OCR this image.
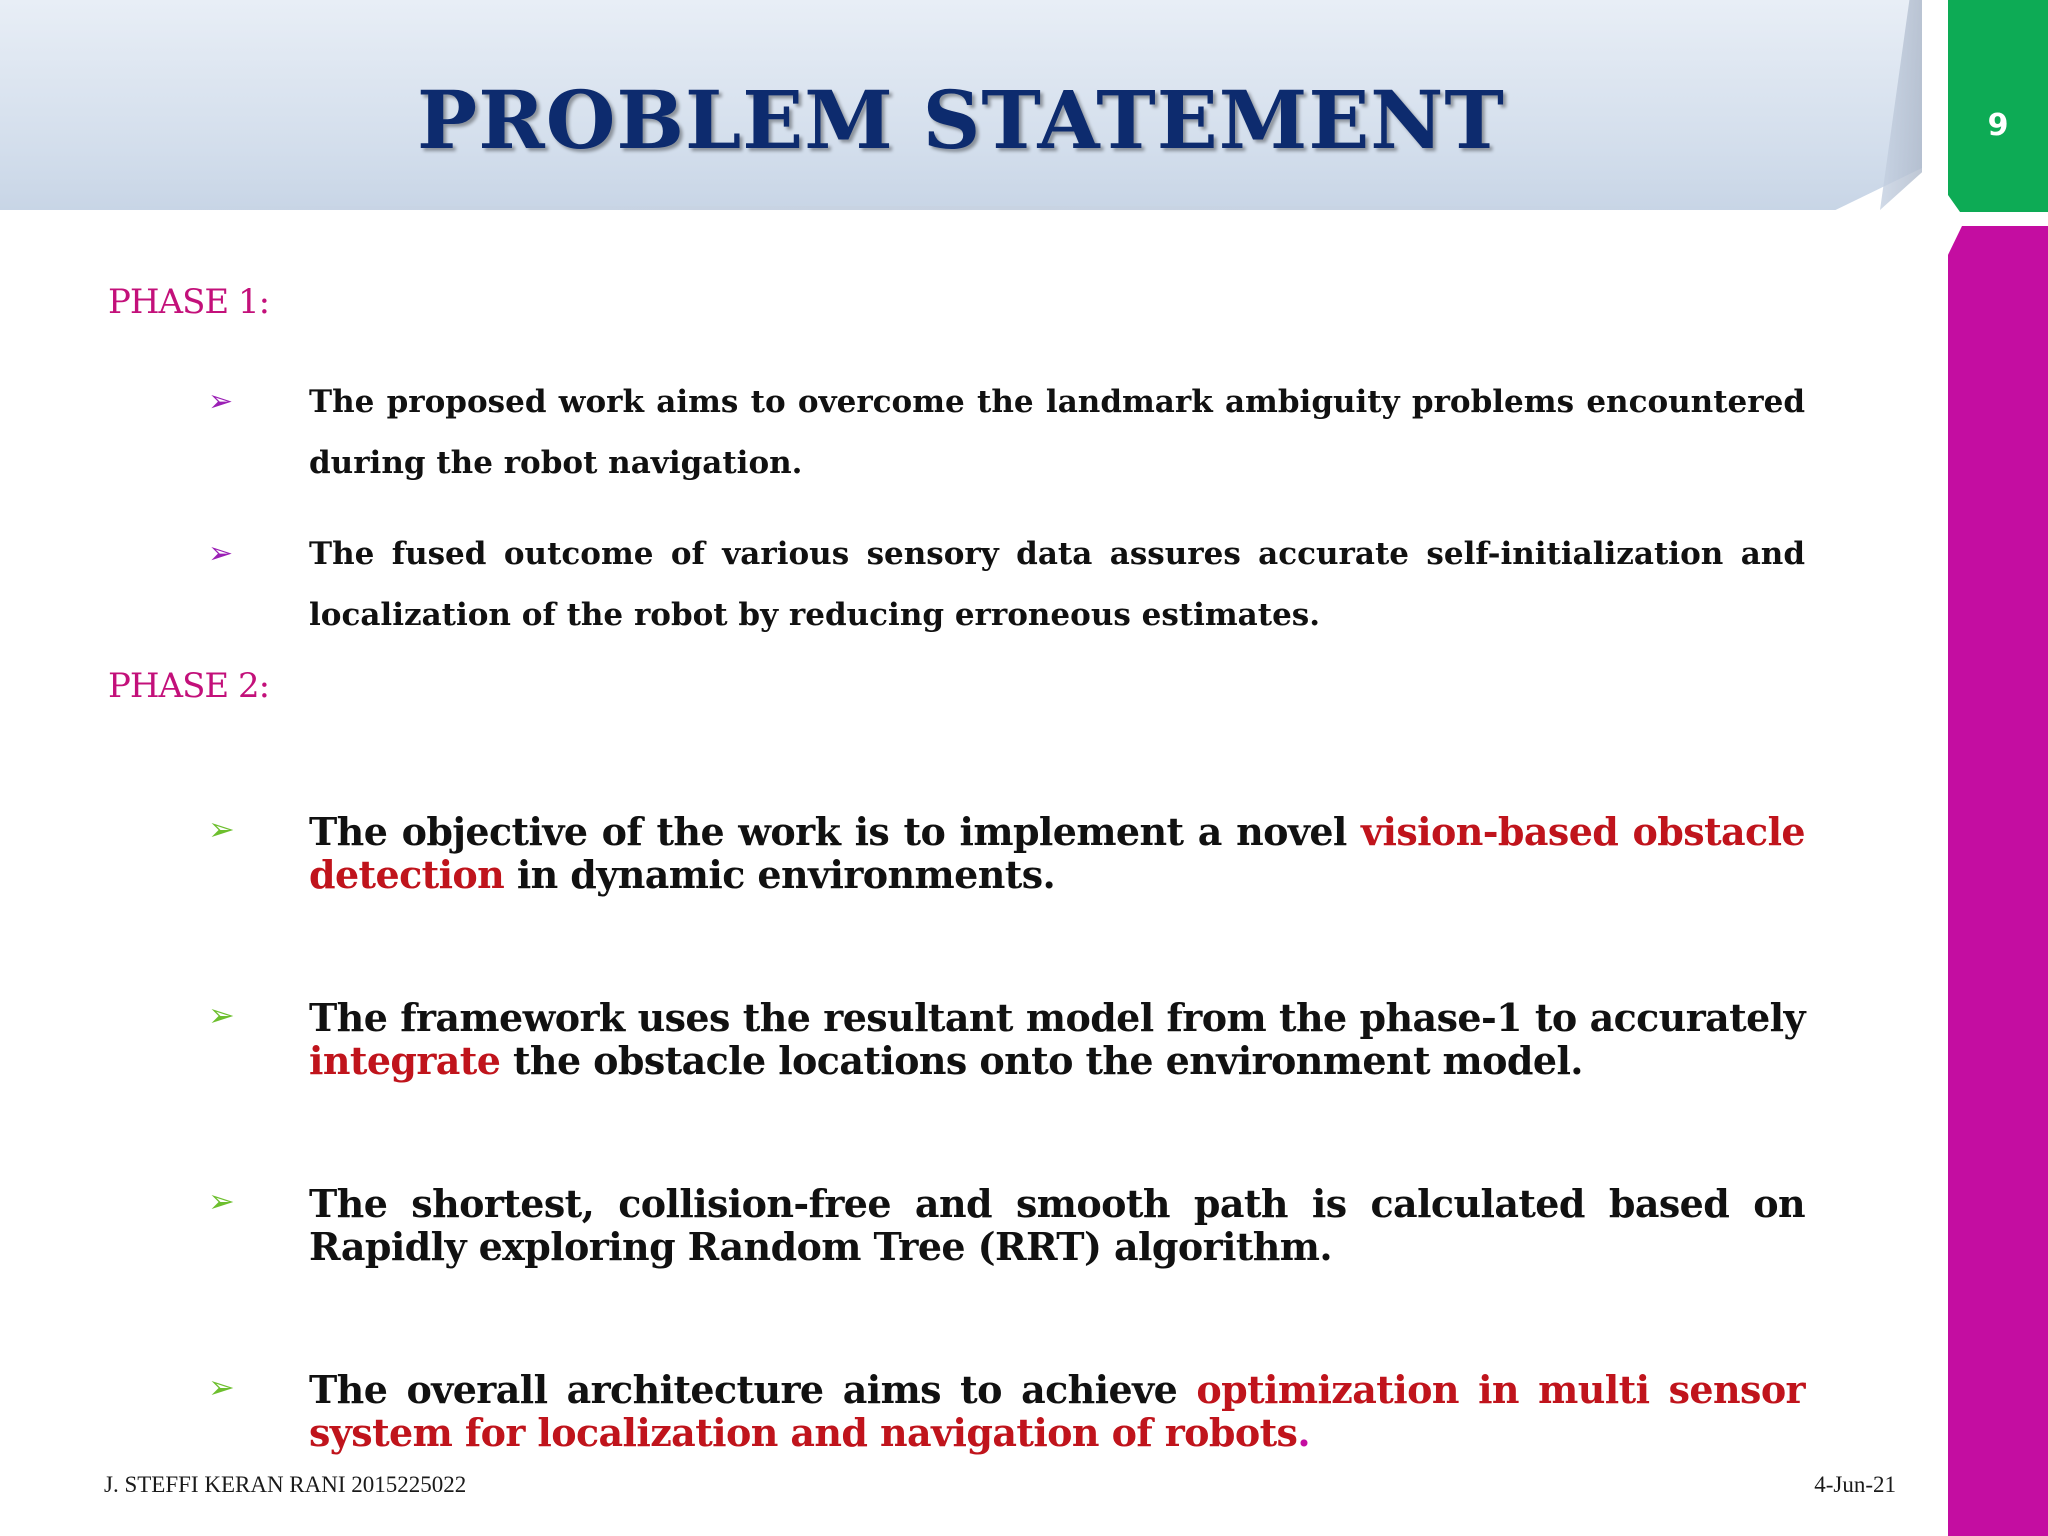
PROBLEM STATEMENT	9
PHASE 1:
➢ The proposed work aims to overcome the landmark ambiguity problems encountered during the robot navigation.

➢ The fused outcome of various sensory data assures accurate self-initialization and localization of the robot by reducing erroneous estimates.

PHASE 2:
➢ The objective of the work is to implement a novel vision-based obstacle detection in dynamic environments.

➢ The framework uses the resultant model from the phase-1 to accurately integrate the obstacle locations onto the environment model.

➢ The shortest, collision-free and smooth path is calculated based on Rapidly exploring Random Tree (RRT) algorithm.

➢ The overall architecture aims to achieve optimization in multi sensor system for localization and navigation of robots.

J. STEFFI KERAN RANI 2015225022	4-Jun-21
